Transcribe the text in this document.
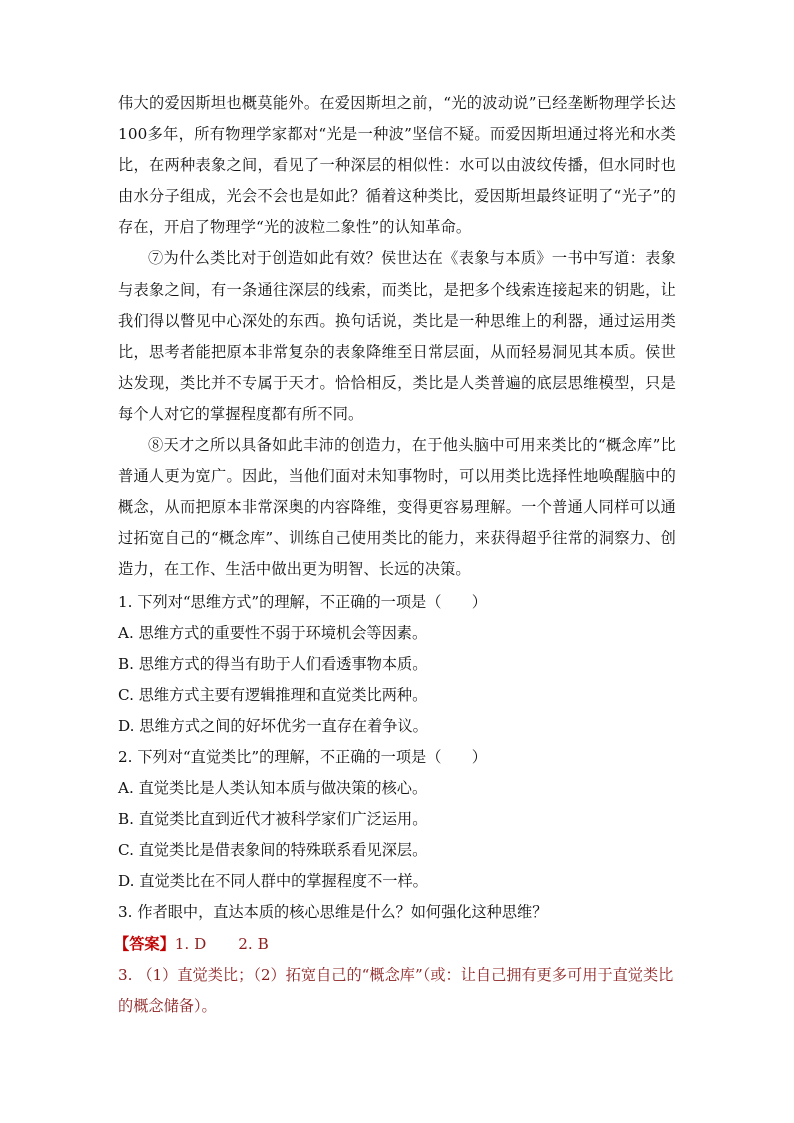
伟大的爱因斯坦也概莫能外。在爱因斯坦之前，“光的波动说”已经垄断物理学长达100多年，所有物理学家都对“光是一种波”坚信不疑。而爱因斯坦通过将光和水类比，在两种表象之间，看见了一种深层的相似性：水可以由波纹传播，但水同时也由水分子组成，光会不会也是如此？循着这种类比，爱因斯坦最终证明了“光子”的存在，开启了物理学“光的波粒二象性”的认知革命。

⑦为什么类比对于创造如此有效？侯世达在《表象与本质》一书中写道：表象与表象之间，有一条通往深层的线索，而类比，是把多个线索连接起来的钥匙，让我们得以瞥见中心深处的东西。换句话说，类比是一种思维上的利器，通过运用类比，思考者能把原本非常复杂的表象降维至日常层面，从而轻易洞见其本质。侯世达发现，类比并不专属于天才。恰恰相反，类比是人类普遍的底层思维模型，只是每个人对它的掌握程度都有所不同。

⑧天才之所以具备如此丰沛的创造力，在于他头脑中可用来类比的“概念库”比普通人更为宽广。因此，当他们面对未知事物时，可以用类比选择性地唤醒脑中的概念，从而把原本非常深奥的内容降维，变得更容易理解。一个普通人同样可以通过拓宽自己的“概念库”、训练自己使用类比的能力，来获得超乎往常的洞察力、创造力，在工作、生活中做出更为明智、长远的决策。

1. 下列对“思维方式”的理解，不正确的一项是（　　）
A. 思维方式的重要性不弱于环境机会等因素。
B. 思维方式的得当有助于人们看透事物本质。
C. 思维方式主要有逻辑推理和直觉类比两种。
D. 思维方式之间的好坏优劣一直存在着争议。
2. 下列对“直觉类比”的理解，不正确的一项是（　　）
A. 直觉类比是人类认知本质与做决策的核心。
B. 直觉类比直到近代才被科学家们广泛运用。
C. 直觉类比是借表象间的特殊联系看见深层。
D. 直觉类比在不同人群中的掌握程度不一样。
3. 作者眼中，直达本质的核心思维是什么？如何强化这种思维？
【答案】1. D 2. B
3. （1）直觉类比；（2）拓宽自己的“概念库”（或：让自己拥有更多可用于直觉类比的概念储备）。
